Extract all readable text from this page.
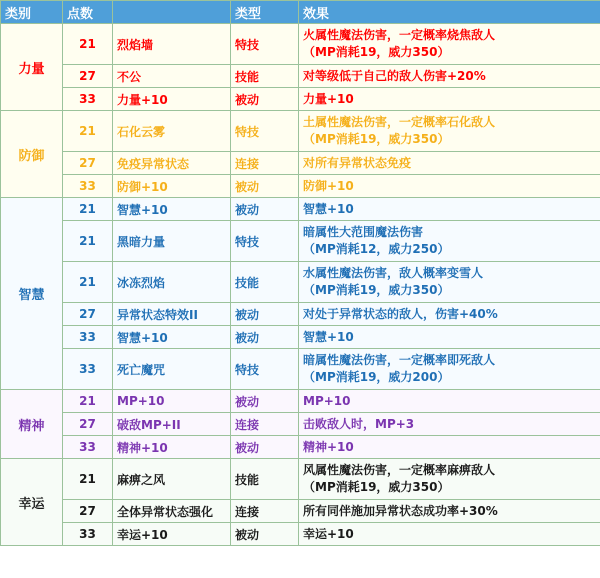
类别	点数		类型	效果
力量	21	烈焰墙	特技	火属性魔法伤害，一定概率烧焦敌人
（MP消耗19，威力350）

	27	不公	技能	对等级低于自己的敌人伤害+20%

	33	力量+10	被动	力量+10

防御	21	石化云雾	特技	土属性魔法伤害，一定概率石化敌人
（MP消耗19，威力350）

	27	免疫异常状态	连接	对所有异常状态免疫

	33	防御+10	被动	防御+10

智慧	21	智慧+10	被动	智慧+10

	21	黑暗力量	特技	暗属性大范围魔法伤害
（MP消耗12，威力250）

	21	冰冻烈焰	技能	水属性魔法伤害，敌人概率变雪人
（MP消耗19，威力350）

	27	异常状态特效II	被动	对处于异常状态的敌人，伤害+40%

	33	智慧+10	被动	智慧+10

	33	死亡魔咒	特技	暗属性魔法伤害，一定概率即死敌人
（MP消耗19，威力200）

精神	21	MP+10	被动	MP+10

	27	破敌MP+II	连接	击败敌人时，MP+3

	33	精神+10	被动	精神+10

幸运	21	麻痹之风	技能	风属性魔法伤害，一定概率麻痹敌人
（MP消耗19，威力350）

	27	全体异常状态强化	连接	所有同伴施加异常状态成功率+30%

	33	幸运+10	被动	幸运+10
